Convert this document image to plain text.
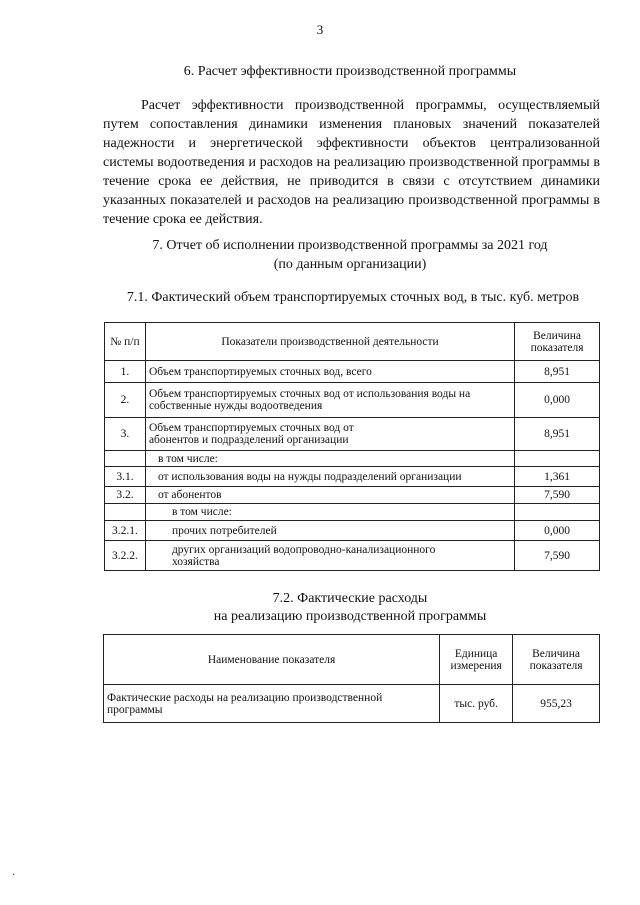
3
6. Расчет эффективности производственной программы

Расчет эффективности производственной программы, осуществляемый путем сопоставления динамики изменения плановых значений показателей надежности и энергетической эффективности объектов централизованной системы водоотведения и расходов на реализацию производственной программы в течение срока ее действия, не приводится в связи с отсутствием динамики указанных показателей и расходов на реализацию производственной программы в течение срока ее действия.

7. Отчет об исполнении производственной программы за 2021 год
(по данным организации)
7.1. Фактический объем транспортируемых сточных вод, в тыс. куб. метров
№ п/п	Показатели производственной деятельности	Величина показателя
1.	Объем транспортируемых сточных вод, всего	8,951
2.	Объем транспортируемых сточных вод от использования воды на собственные нужды водоотведения	0,000
3.	Объем транспортируемых сточных вод от абонентов и подразделений организации	8,951
	в том числе:	
3.1.	от использования воды на нужды подразделений организации	1,361
3.2.	от абонентов	7,590
	в том числе:	
3.2.1.	прочих потребителей	0,000
3.2.2.	других организаций водопроводно-канализационного хозяйства	7,590
7.2. Фактические расходы
на реализацию производственной программы
Наименование показателя	Единица измерения	Величина показателя
Фактические расходы на реализацию производственной программы	тыс. руб.	955,23
·
